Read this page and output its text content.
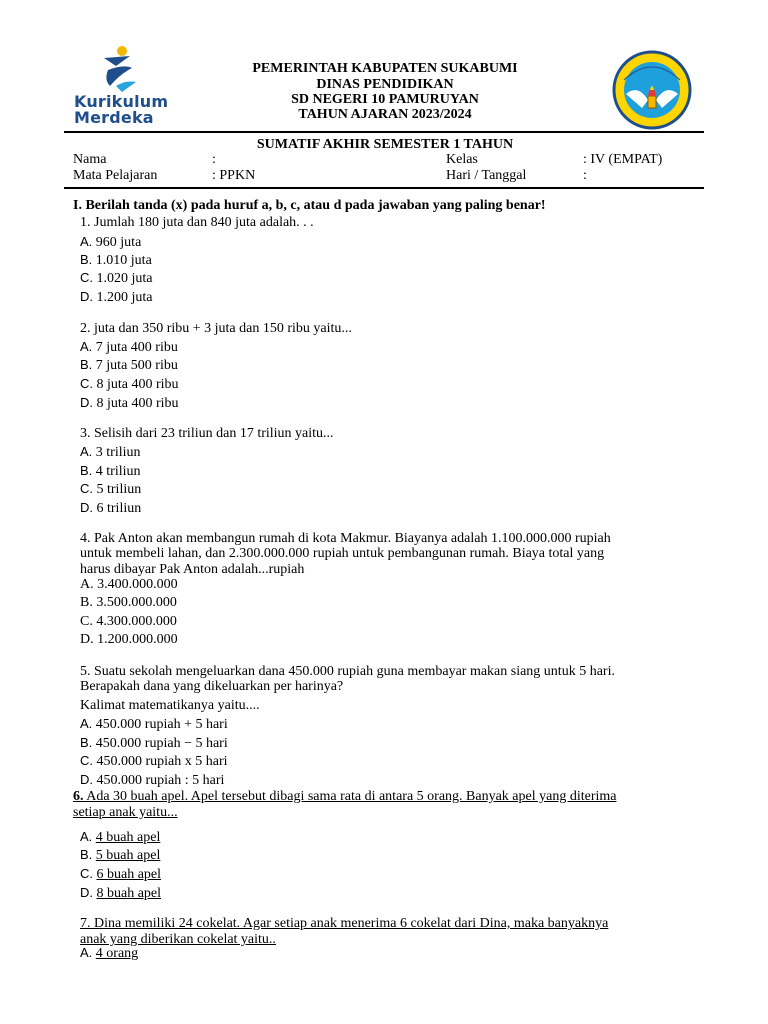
Kurikulum
Merdeka
PEMERINTAH KABUPATEN SUKABUMI
DINAS PENDIDIKAN
SD NEGERI 10 PAMURUYAN
TAHUN AJARAN 2023/2024
SUMATIF AKHIR SEMESTER 1 TAHUN
Nama	:	Kelas	: IV (EMPAT)
Mata Pelajaran	: PPKN	Hari / Tanggal	:
I. Berilah tanda (x) pada huruf a, b, c, atau d pada jawaban yang paling benar!
1. Jumlah 180 juta dan 840 juta adalah. . .
A. 960 juta
B. 1.010 juta
C. 1.020 juta
D. 1.200 juta
2. juta dan 350 ribu + 3 juta dan 150 ribu yaitu...
A. 7 juta 400 ribu
B. 7 juta 500 ribu
C. 8 juta 400 ribu
D. 8 juta 400 ribu
3. Selisih dari 23 triliun dan 17 triliun yaitu...
A. 3 triliun
B. 4 triliun
C. 5 triliun
D. 6 triliun
4. Pak Anton akan membangun rumah di kota Makmur. Biayanya adalah 1.100.000.000 rupiah
untuk membeli lahan, dan 2.300.000.000 rupiah untuk pembangunan rumah. Biaya total yang
harus dibayar Pak Anton adalah...rupiah
A. 3.400.000.000
B. 3.500.000.000
C. 4.300.000.000
D. 1.200.000.000
5. Suatu sekolah mengeluarkan dana 450.000 rupiah guna membayar makan siang untuk 5 hari.
Berapakah dana yang dikeluarkan per harinya?
Kalimat matematikanya yaitu....
A. 450.000 rupiah + 5 hari
B. 450.000 rupiah − 5 hari
C. 450.000 rupiah x 5 hari
D. 450.000 rupiah : 5 hari
6. Ada 30 buah apel. Apel tersebut dibagi sama rata di antara 5 orang. Banyak apel yang diterima
setiap anak yaitu...
A. 4 buah apel
B. 5 buah apel
C. 6 buah apel
D. 8 buah apel
7. Dina memiliki 24 cokelat. Agar setiap anak menerima 6 cokelat dari Dina, maka banyaknya
anak yang diberikan cokelat yaitu..
A. 4 orang
